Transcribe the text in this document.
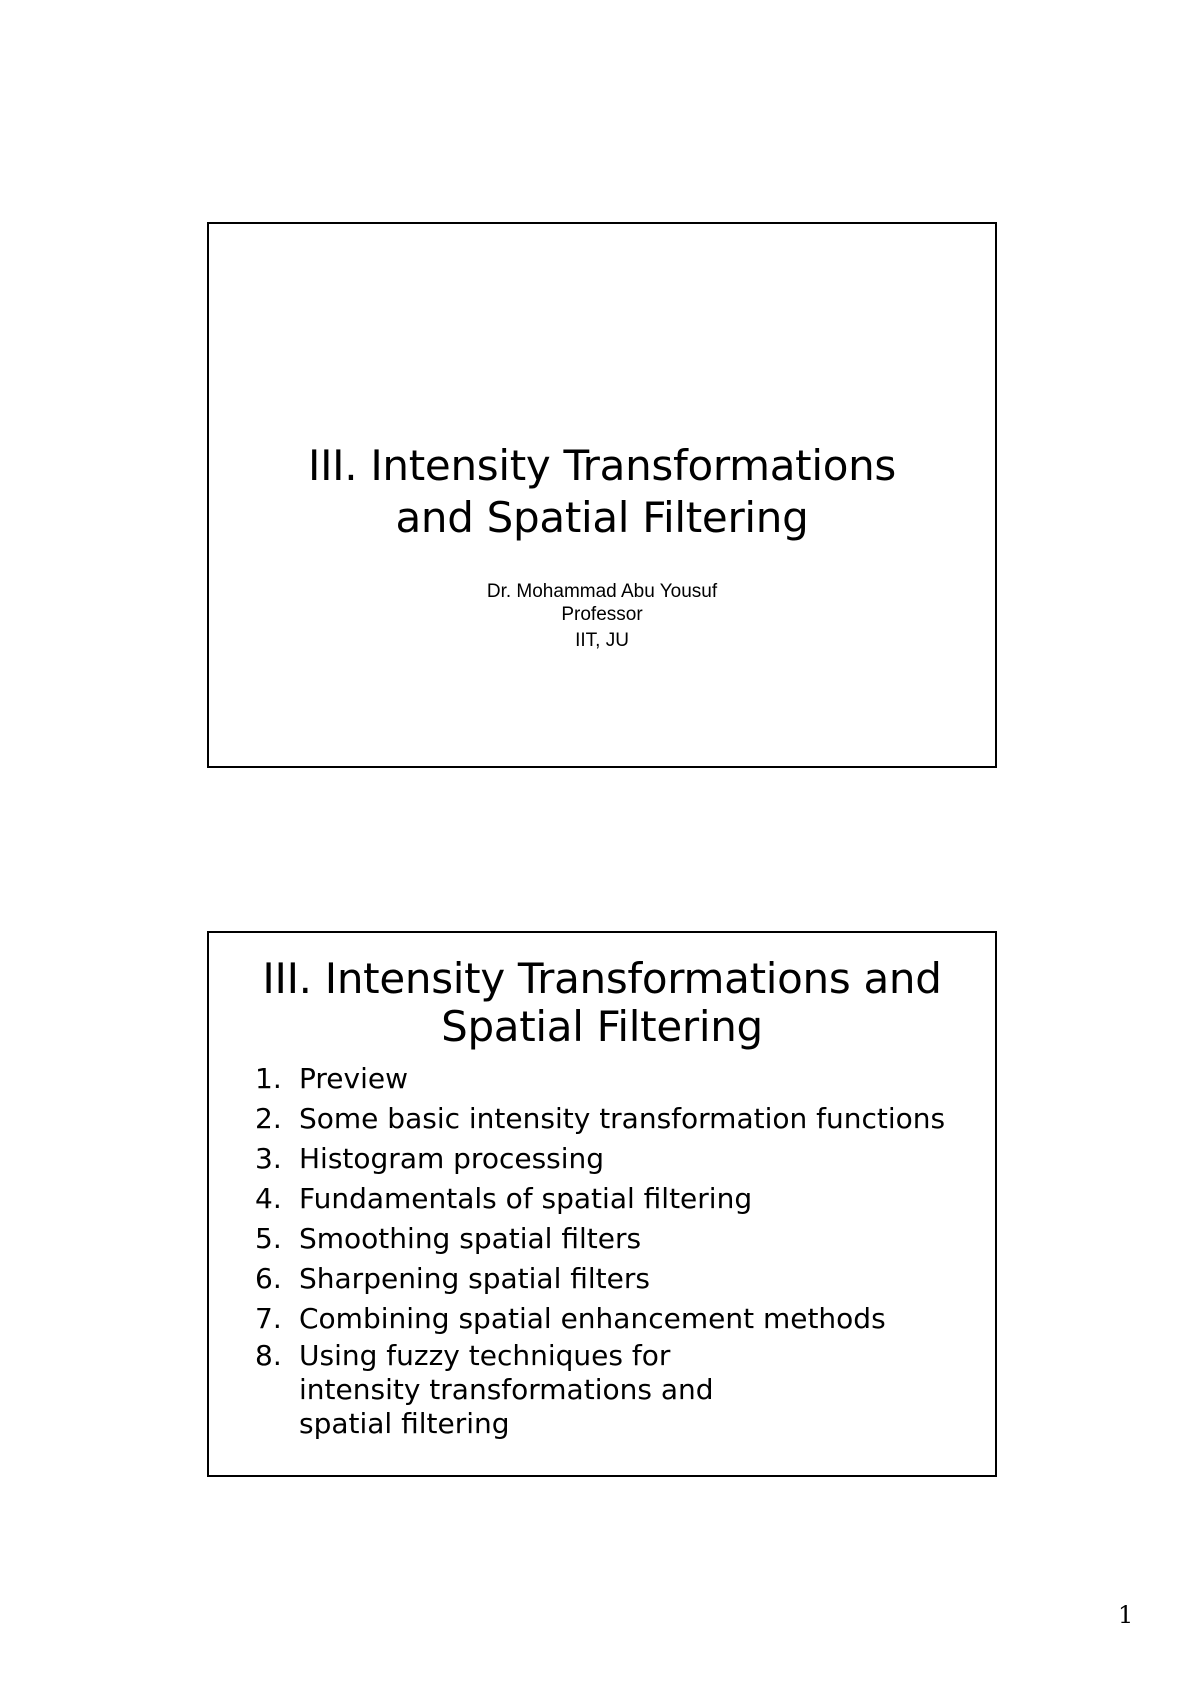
III. Intensity Transformations
and Spatial Filtering
Dr. Mohammad Abu Yousuf
Professor
IIT, JU
III. Intensity Transformations and
Spatial Filtering
1. Preview
2. Some basic intensity transformation functions
3. Histogram processing
4. Fundamentals of spatial filtering
5. Smoothing spatial filters
6. Sharpening spatial filters
7. Combining spatial enhancement methods
8. Using fuzzy techniques for intensity transformations and spatial filtering
1
